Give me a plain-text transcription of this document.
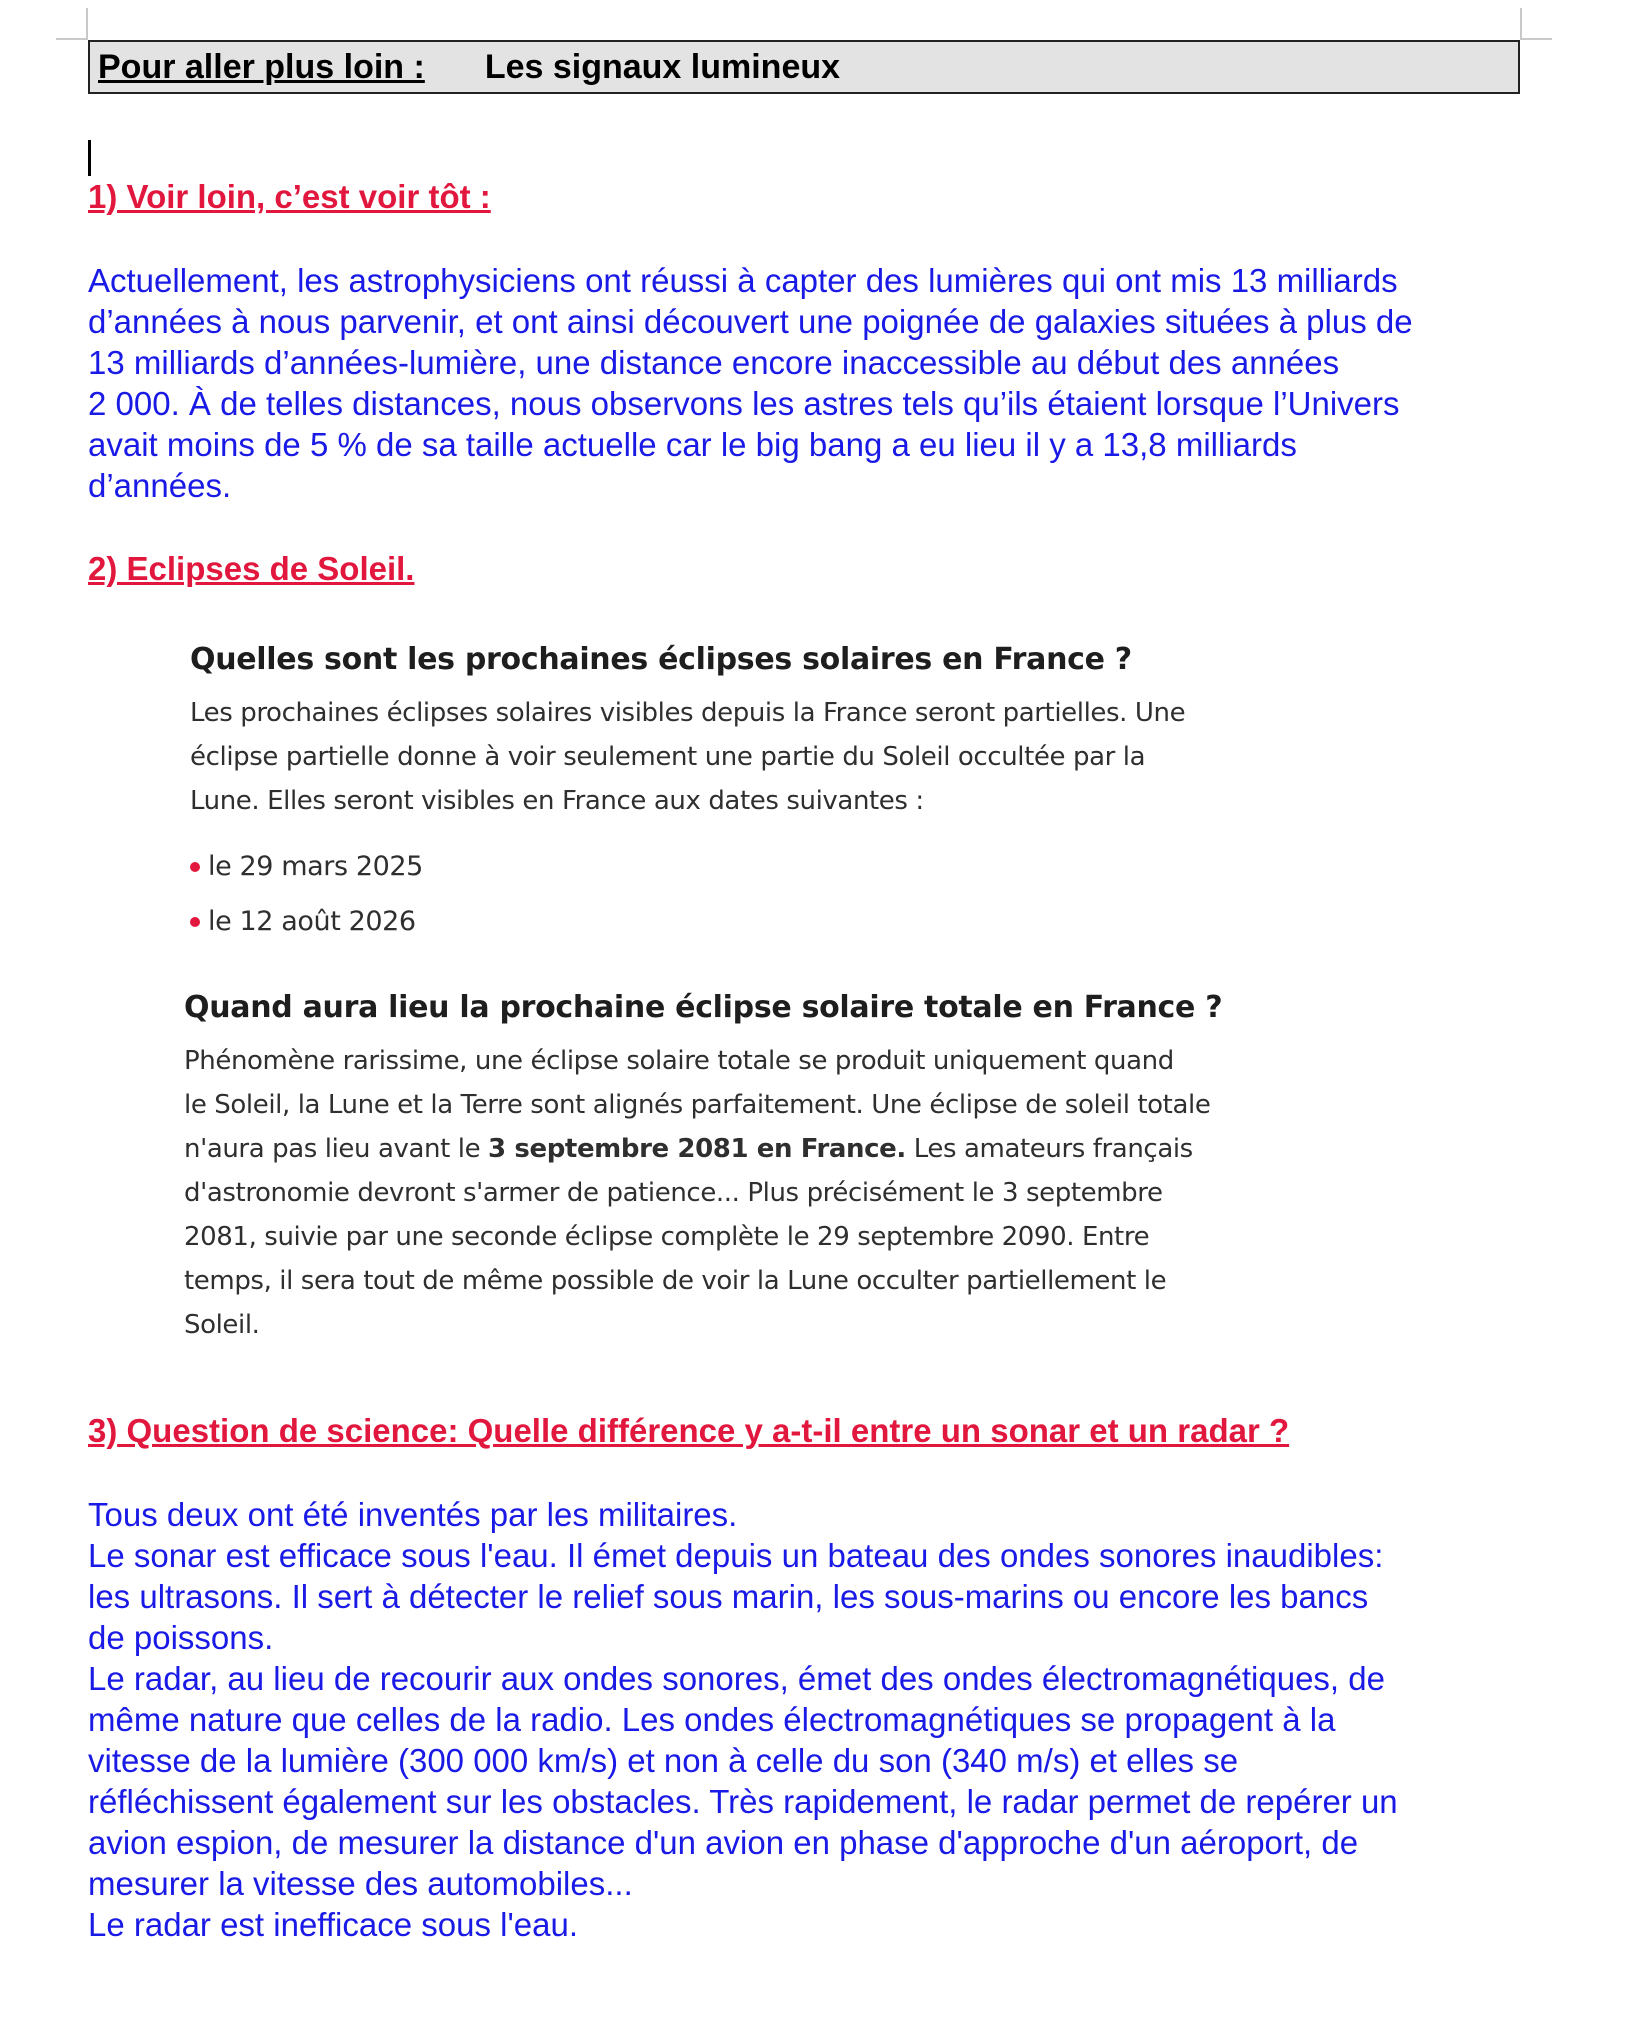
Pour aller plus loin : Les signaux lumineux
1) Voir loin, c’est voir tôt :

Actuellement, les astrophysiciens ont réussi à capter des lumières qui ont mis 13 milliards

d’années à nous parvenir, et ont ainsi découvert une poignée de galaxies situées à plus de

13 milliards d’années-lumière, une distance encore inaccessible au début des années

2 000. À de telles distances, nous observons les astres tels qu’ils étaient lorsque l’Univers

avait moins de 5 % de sa taille actuelle car le big bang a eu lieu il y a 13,8 milliards

d’années.

2) Eclipses de Soleil.
Quelles sont les prochaines éclipses solaires en France ?

Les prochaines éclipses solaires visibles depuis la France seront partielles. Une

éclipse partielle donne à voir seulement une partie du Soleil occultée par la

Lune. Elles seront visibles en France aux dates suivantes :

le 29 mars 2025
le 12 août 2026
Quand aura lieu la prochaine éclipse solaire totale en France ?

Phénomène rarissime, une éclipse solaire totale se produit uniquement quand

le Soleil, la Lune et la Terre sont alignés parfaitement. Une éclipse de soleil totale

n'aura pas lieu avant le 3 septembre 2081 en France. Les amateurs français

d'astronomie devront s'armer de patience... Plus précisément le 3 septembre

2081, suivie par une seconde éclipse complète le 29 septembre 2090. Entre

temps, il sera tout de même possible de voir la Lune occulter partiellement le

Soleil.

3) Question de science: Quelle différence y a-t-il entre un sonar et un radar ?

Tous deux ont été inventés par les militaires.

Le sonar est efficace sous l'eau. Il émet depuis un bateau des ondes sonores inaudibles:

les ultrasons. Il sert à détecter le relief sous marin, les sous-marins ou encore les bancs

de poissons.

Le radar, au lieu de recourir aux ondes sonores, émet des ondes électromagnétiques, de

même nature que celles de la radio. Les ondes électromagnétiques se propagent à la

vitesse de la lumière (300 000 km/s) et non à celle du son (340 m/s) et elles se

réfléchissent également sur les obstacles. Très rapidement, le radar permet de repérer un

avion espion, de mesurer la distance d'un avion en phase d'approche d'un aéroport, de

mesurer la vitesse des automobiles...

Le radar est inefficace sous l'eau.
